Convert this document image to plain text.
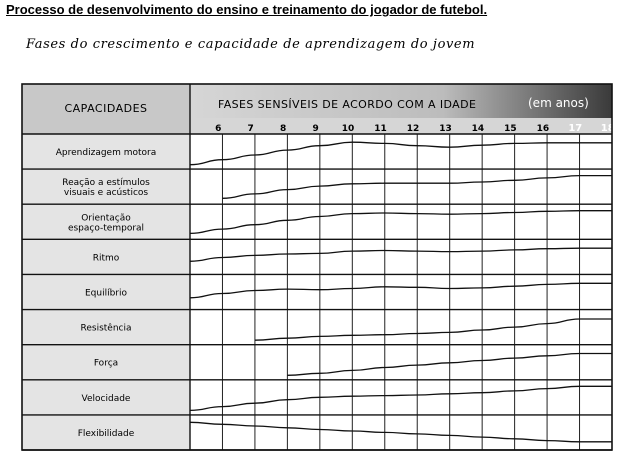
Processo de desenvolvimento do ensino e treinamento do jogador de futebol.
Fases do crescimento e capacidade de aprendizagem do jovem
CAPACIDADES	FASES SENSÍVEIS DE ACORDO COM A IDADE	(em anos)
6	7	8	9	10 11 12 13 14 15 16 17 18
Aprendizagem motora
Reação a estímulos
visuais e acústicos
Orientação
espaço-temporal
Ritmo
Equilíbrio
Resistência
Força
Velocidade
Flexibilidade
